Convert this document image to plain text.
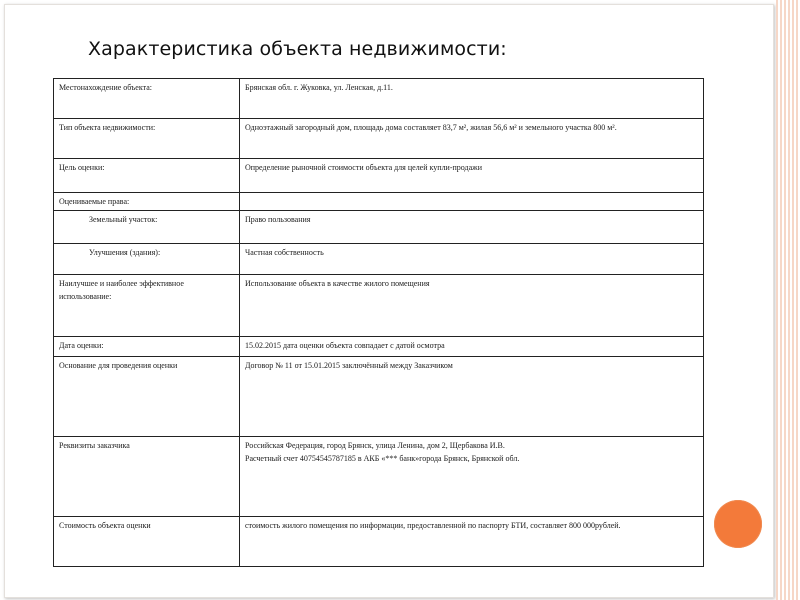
Характеристика объекта недвижимости:
Местонахождение объекта:	Брянская обл. г. Жуковка, ул. Ленская, д.11.
Тип объекта недвижимости:	Одноэтажный загородный дом, площадь дома составляет 83,7 м², жилая 56,6 м² и земельного участка 800 м².
Цель оценки:	Определение рыночной стоимости объекта для целей купли-продажи
Оцениваемые права:	
Земельный участок:	Право пользования
Улучшения (здания):	Частная собственность
Наилучшее и наиболее эффективное использование:	Использование объекта в качестве жилого помещения
Дата оценки:	15.02.2015 дата оценки объекта совпадает с датой осмотра
Основание для проведения оценки	Договор № 11 от 15.01.2015 заключённый между Заказчиком
Реквизиты заказчика	Российская Федерация, город Брянск, улица Ленина, дом 2, Щербакова И.В.
Расчетный счет 40754545787185 в АКБ «*** банк»города Брянск, Брянской обл.

Стоимость объекта оценки	стоимость жилого помещения по информации, предоставленной по паспорту БТИ, составляет 800 000рублей.
